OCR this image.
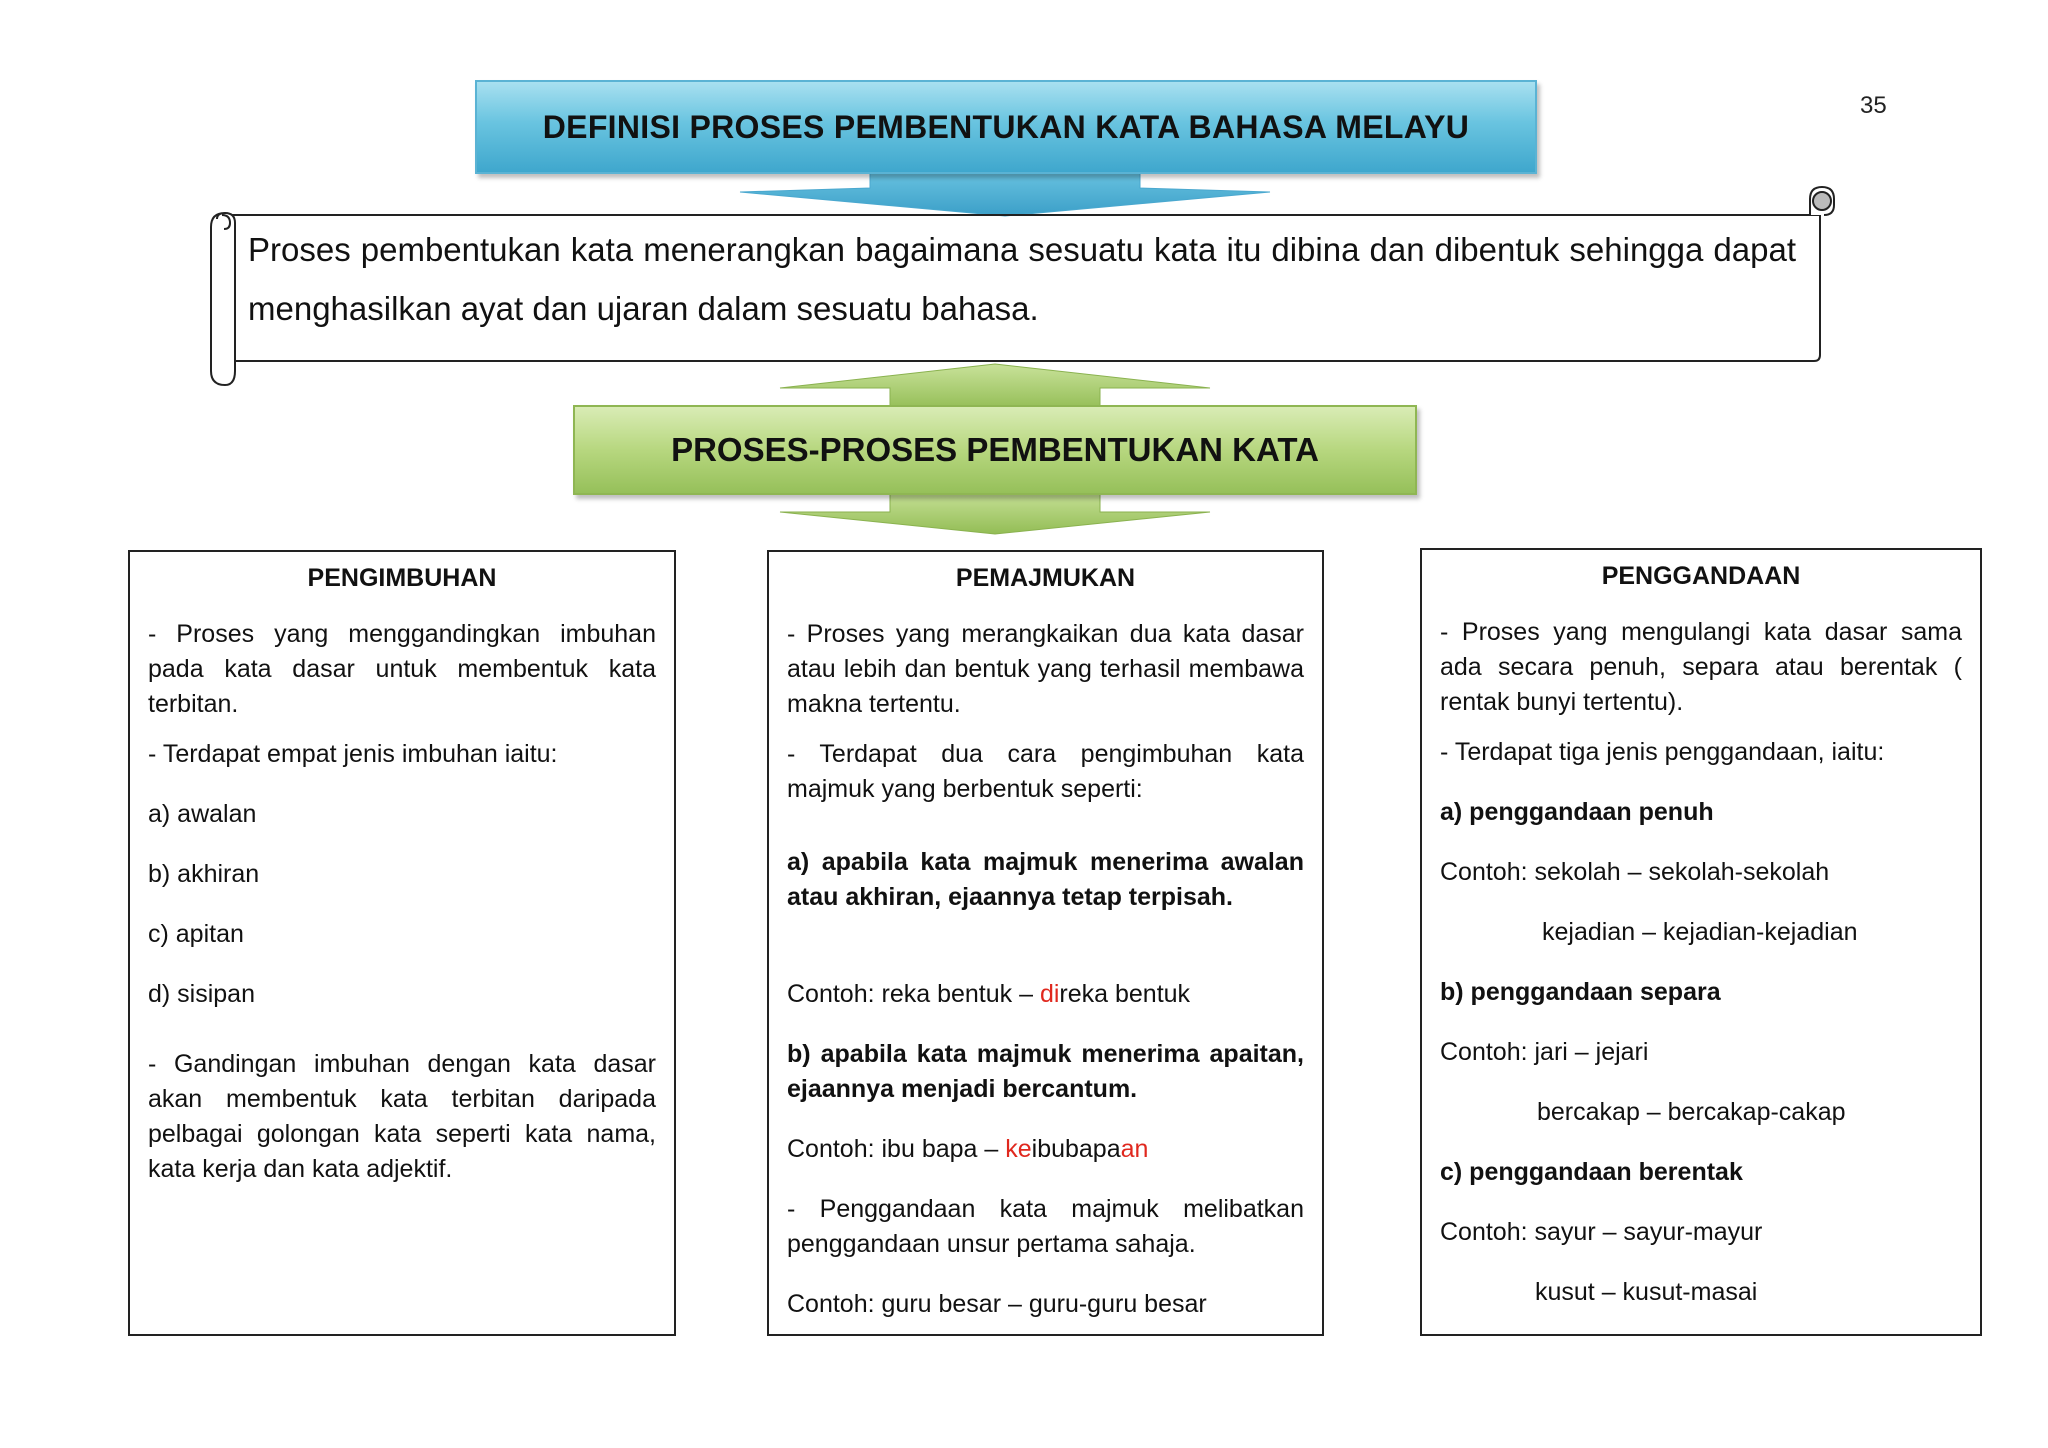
35
DEFINISI PROSES PEMBENTUKAN KATA BAHASA MELAYU
Proses pembentukan kata menerangkan bagaimana sesuatu kata itu dibina dan dibentuk sehingga dapat menghasilkan ayat dan ujaran dalam sesuatu bahasa.
PROSES-PROSES PEMBENTUKAN KATA
PENGIMBUHAN

- Proses yang menggandingkan imbuhan pada kata dasar untuk membentuk kata terbitan.

- Terdapat empat jenis imbuhan iaitu:

a) awalan

b) akhiran

c) apitan

d) sisipan

- Gandingan imbuhan dengan kata dasar akan membentuk kata terbitan daripada pelbagai golongan kata seperti kata nama, kata kerja dan kata adjektif.

PEMAJMUKAN

- Proses yang merangkaikan dua kata dasar atau lebih dan bentuk yang terhasil membawa makna tertentu.

- Terdapat dua cara pengimbuhan kata majmuk yang berbentuk seperti:

a) apabila kata majmuk menerima awalan atau akhiran, ejaannya tetap terpisah.

Contoh: reka bentuk – direka bentuk

b) apabila kata majmuk menerima apaitan, ejaannya menjadi bercantum.

Contoh: ibu bapa – keibubapaan

- Penggandaan kata majmuk melibatkan penggandaan unsur pertama sahaja.

Contoh: guru besar – guru-guru besar

PENGGANDAAN

- Proses yang mengulangi kata dasar sama ada secara penuh, separa atau berentak ( rentak bunyi tertentu).

- Terdapat tiga jenis penggandaan, iaitu:

a) penggandaan penuh

Contoh: sekolah – sekolah-sekolah

kejadian – kejadian-kejadian

b) penggandaan separa

Contoh: jari – jejari

bercakap – bercakap-cakap

c) penggandaan berentak

Contoh: sayur – sayur-mayur

kusut – kusut-masai
